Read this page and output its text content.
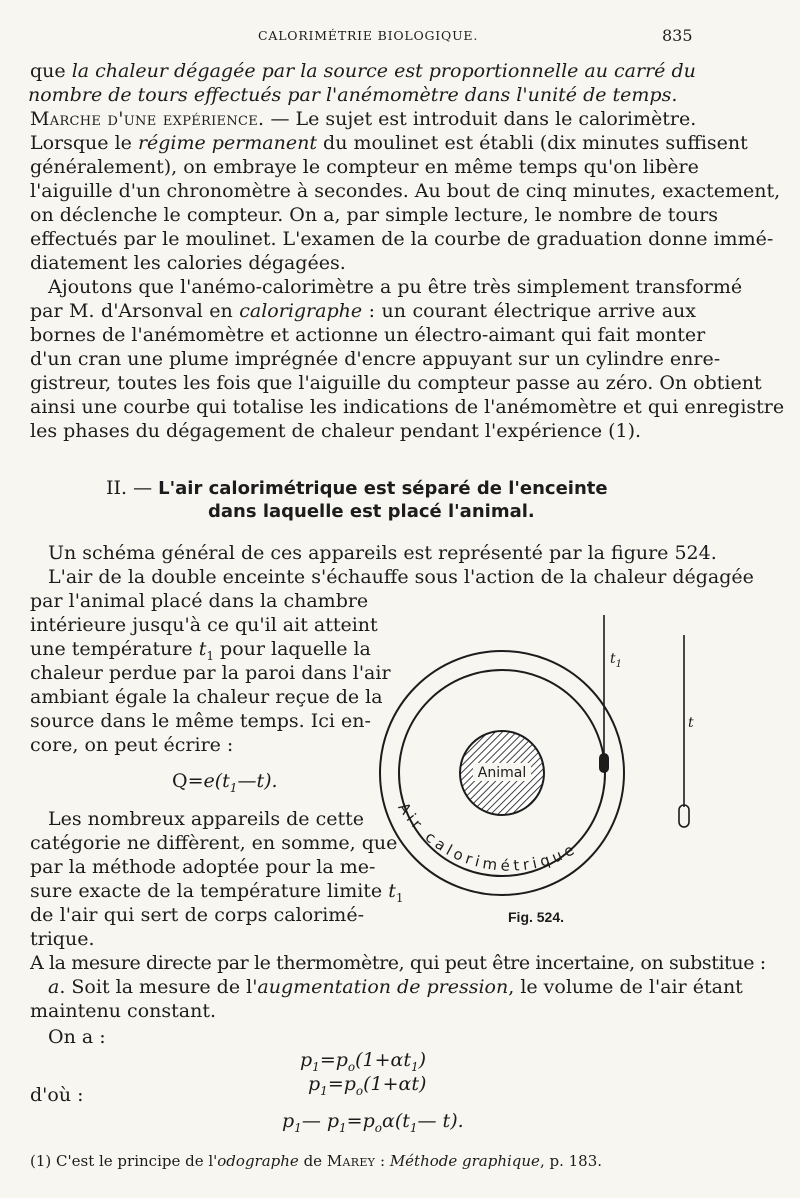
CALORIMÉTRIE BIOLOGIQUE.	835
que la chaleur dégagée par la source est proportionnelle au carré du
nombre de tours effectués par l'anémomètre dans l'unité de temps.
Marche d'une expérience. — Le sujet est introduit dans le calorimètre.
Lorsque le régime permanent du moulinet est établi (dix minutes suffisent
généralement), on embraye le compteur en même temps qu'on libère
l'aiguille d'un chronomètre à secondes. Au bout de cinq minutes, exactement,
on déclenche le compteur. On a, par simple lecture, le nombre de tours
effectués par le moulinet. L'examen de la courbe de graduation donne immé-
diatement les calories dégagées.
Ajoutons que l'anémo-calorimètre a pu être très simplement transformé
par M. d'Arsonval en calorigraphe : un courant électrique arrive aux
bornes de l'anémomètre et actionne un électro-aimant qui fait monter
d'un cran une plume imprégnée d'encre appuyant sur un cylindre enre-
gistreur, toutes les fois que l'aiguille du compteur passe au zéro. On obtient
ainsi une courbe qui totalise les indications de l'anémomètre et qui enregistre
les phases du dégagement de chaleur pendant l'expérience (1).
II. — L'air calorimétrique est séparé de l'enceinte
dans laquelle est placé l'animal.
Un schéma général de ces appareils est représenté par la figure 524.
L'air de la double enceinte s'échauffe sous l'action de la chaleur dégagée
par l'animal placé dans la chambre
intérieure jusqu'à ce qu'il ait atteint
une température $t_1$ pour laquelle la
chaleur perdue par la paroi dans l'air
ambiant égale la chaleur reçue de la
source dans le même temps. Ici en-
core, on peut écrire :
$Q=e(t_1—t)$.
Les nombreux appareils de cette
catégorie ne diffèrent, en somme, que
par la méthode adoptée pour la me-
sure exacte de la température limite $t_1$
de l'air qui sert de corps calorimé-
trique.
A la mesure directe par le thermomètre, qui peut être incertaine, on substitue :
a. Soit la mesure de l'augmentation de pression, le volume de l'air étant
maintenu constant.
On a :
$p_1=p_o(1+\alpha t_1)$
$p_1=p_o(1+\alpha t)$
d'où :
$p_1—$ $p_1=p_o\alpha(t_1—$ t).
Animal
Air calorimétrique
$t_1$
t
Fig. 524.
(1) C'est le principe de l'odographe de Marey : Méthode graphique, p. 183.
